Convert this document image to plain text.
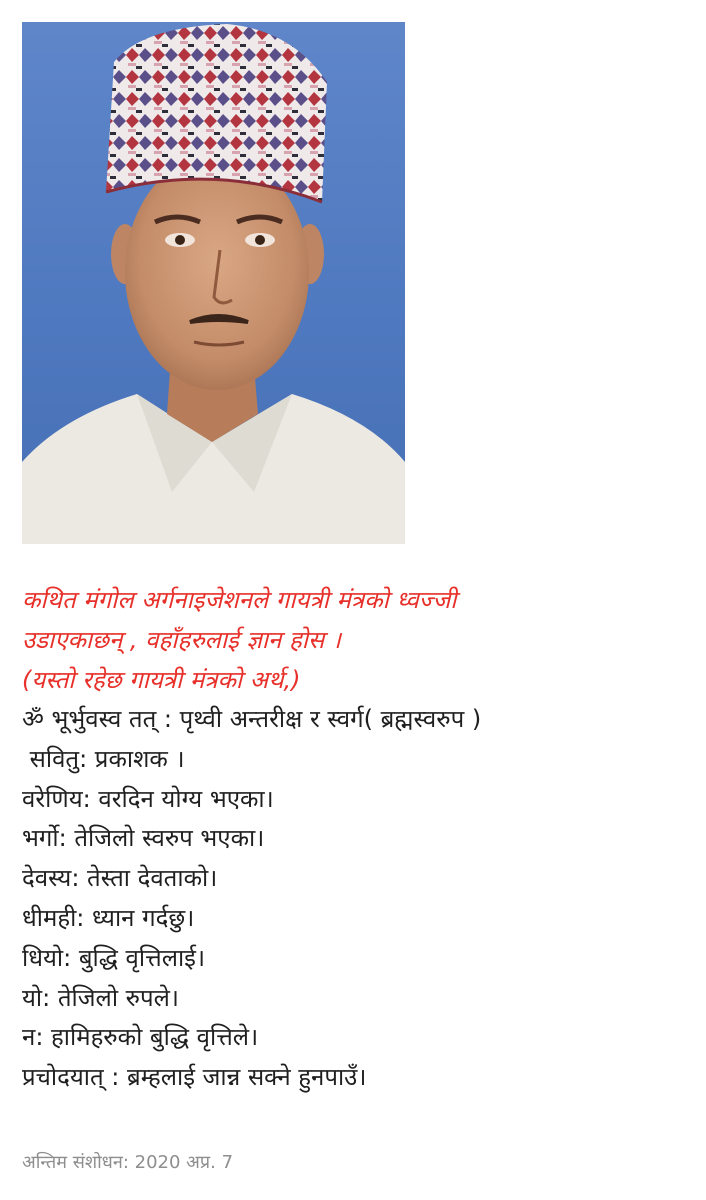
कथित मंगोल अर्गनाइजेशनले गायत्री मंत्रको ध्वज्जी
उडाएकाछन् , वहाँहरुलाई ज्ञान होस ।
(यस्तो रहेछ गायत्री मंत्रको अर्थ,)
ॐ भूर्भुवस्व तत् : पृथ्वी अन्तरीक्ष र स्वर्ग( ब्रह्मस्वरुप )
सवितु: प्रकाशक ।
वरेणिय: वरदिन योग्य भएका।
भर्गो: तेजिलो स्वरुप भएका।
देवस्य: तेस्ता देवताको।
धीमही: ध्यान गर्दछु।
धियो: बुद्धि वृत्तिलाई।
यो: तेजिलो रुपले।
न: हामिहरुको बुद्धि वृत्तिले।
प्रचोदयात् : ब्रम्हलाई जान्न सक्ने हुनपाउँ।
अन्तिम संशोधन: 2020 अप्र. 7
